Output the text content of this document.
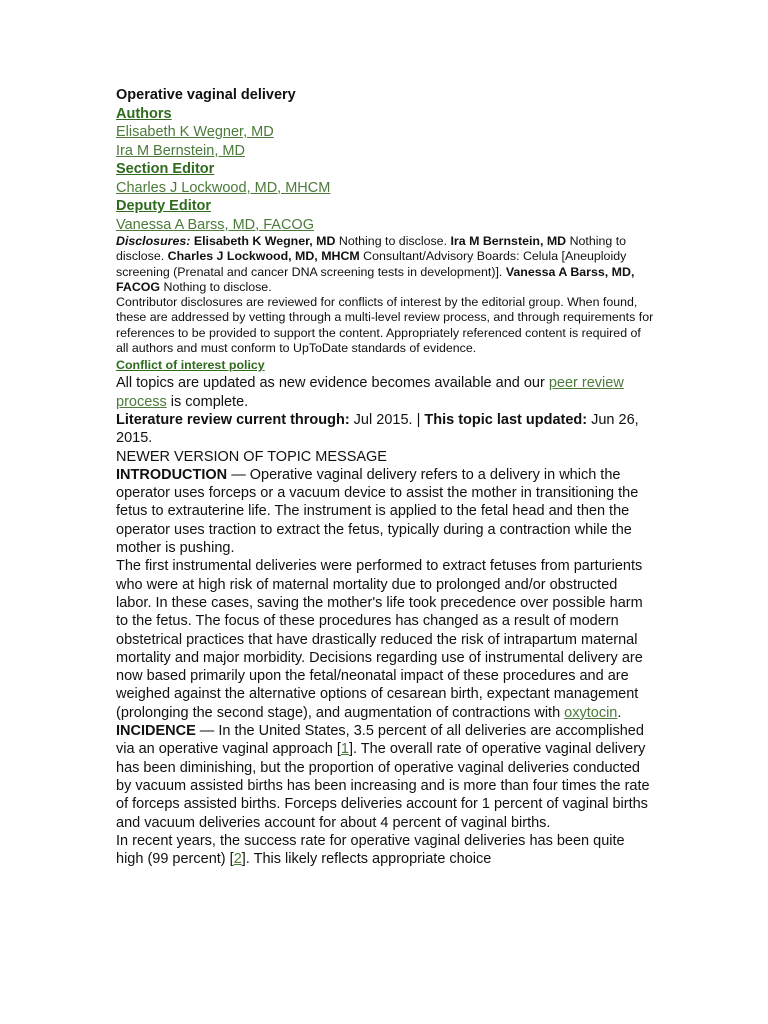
Operative vaginal delivery
Authors
Elisabeth K Wegner, MD
Ira M Bernstein, MD
Section Editor
Charles J Lockwood, MD, MHCM
Deputy Editor
Vanessa A Barss, MD, FACOG
Disclosures: Elisabeth K Wegner, MD Nothing to disclose. Ira M Bernstein, MD Nothing to disclose. Charles J Lockwood, MD, MHCM Consultant/Advisory Boards: Celula [Aneuploidy screening (Prenatal and cancer DNA screening tests in development)]. Vanessa A Barss, MD, FACOG Nothing to disclose.
Contributor disclosures are reviewed for conflicts of interest by the editorial group. When found, these are addressed by vetting through a multi-level review process, and through requirements for references to be provided to support the content. Appropriately referenced content is required of all authors and must conform to UpToDate standards of evidence.
Conflict of interest policy
All topics are updated as new evidence becomes available and our peer review process is complete.
Literature review current through: Jul 2015. | This topic last updated: Jun 26, 2015.
NEWER VERSION OF TOPIC MESSAGE
INTRODUCTION — Operative vaginal delivery refers to a delivery in which the operator uses forceps or a vacuum device to assist the mother in transitioning the fetus to extrauterine life. The instrument is applied to the fetal head and then the operator uses traction to extract the fetus, typically during a contraction while the mother is pushing.
The first instrumental deliveries were performed to extract fetuses from parturients who were at high risk of maternal mortality due to prolonged and/or obstructed labor. In these cases, saving the mother's life took precedence over possible harm to the fetus. The focus of these procedures has changed as a result of modern obstetrical practices that have drastically reduced the risk of intrapartum maternal mortality and major morbidity. Decisions regarding use of instrumental delivery are now based primarily upon the fetal/neonatal impact of these procedures and are weighed against the alternative options of cesarean birth, expectant management (prolonging the second stage), and augmentation of contractions with oxytocin.
INCIDENCE — In the United States, 3.5 percent of all deliveries are accomplished via an operative vaginal approach [1]. The overall rate of operative vaginal delivery has been diminishing, but the proportion of operative vaginal deliveries conducted by vacuum assisted births has been increasing and is more than four times the rate of forceps assisted births. Forceps deliveries account for 1 percent of vaginal births and vacuum deliveries account for about 4 percent of vaginal births.
In recent years, the success rate for operative vaginal deliveries has been quite high (99 percent) [2]. This likely reflects appropriate choice
